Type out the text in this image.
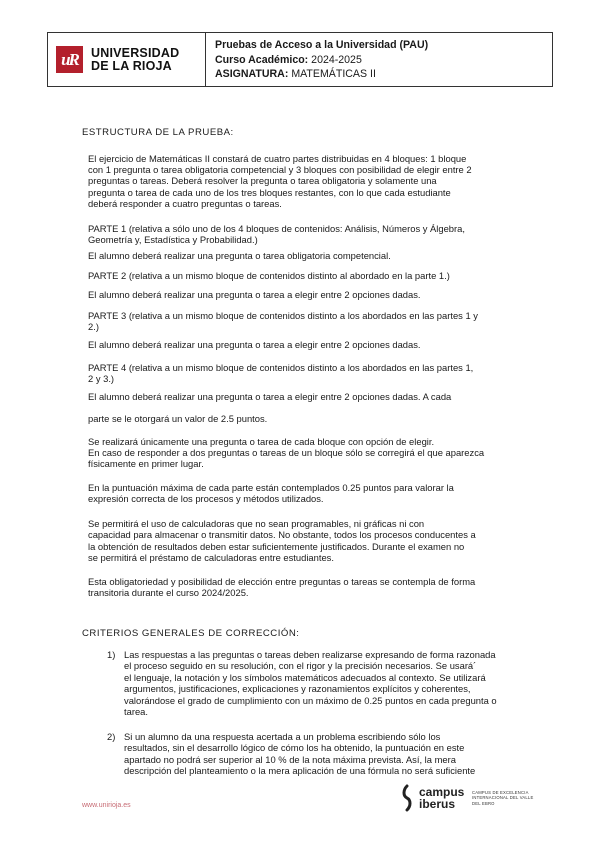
uR	UNIVERSIDAD
DE LA RIOJA
Pruebas de Acceso a la Universidad (PAU)
Curso Académico: 2024-2025
ASIGNATURA: MATEMÁTICAS II
ESTRUCTURA DE LA PRUEBA:
El ejercicio de Matemáticas II constará de cuatro partes distribuidas en 4 bloques: 1 bloque
con 1 pregunta o tarea obligatoria competencial y 3 bloques con posibilidad de elegir entre 2
preguntas o tareas. Deberá resolver la pregunta o tarea obligatoria y solamente una
pregunta o tarea de cada uno de los tres bloques restantes, con lo que cada estudiante
deberá responder a cuatro preguntas o tareas.
PARTE 1 (relativa a sólo uno de los 4 bloques de contenidos: Análisis, Números y Álgebra,
Geometría y, Estadística y Probabilidad.)
El alumno deberá realizar una pregunta o tarea obligatoria competencial.
PARTE 2 (relativa a un mismo bloque de contenidos distinto al abordado en la parte 1.)
El alumno deberá realizar una pregunta o tarea a elegir entre 2 opciones dadas.
PARTE 3 (relativa a un mismo bloque de contenidos distinto a los abordados en las partes 1 y
2.)
El alumno deberá realizar una pregunta o tarea a elegir entre 2 opciones dadas.
PARTE 4 (relativa a un mismo bloque de contenidos distinto a los abordados en las partes 1,
2 y 3.)
El alumno deberá realizar una pregunta o tarea a elegir entre 2 opciones dadas. A cada
parte se le otorgará un valor de 2.5 puntos.
Se realizará únicamente una pregunta o tarea de cada bloque con opción de elegir.
En caso de responder a dos preguntas o tareas de un bloque sólo se corregirá el que aparezca
físicamente en primer lugar.
En la puntuación máxima de cada parte están contemplados 0.25 puntos para valorar la
expresión correcta de los procesos y métodos utilizados.
Se permitirá el uso de calculadoras que no sean programables, ni gráficas ni con
capacidad para almacenar o transmitir datos. No obstante, todos los procesos conducentes a
la obtención de resultados deben estar suficientemente justificados. Durante el examen no
se permitirá el préstamo de calculadoras entre estudiantes.
Esta obligatoriedad y posibilidad de elección entre preguntas o tareas se contempla de forma
transitoria durante el curso 2024/2025.
CRITERIOS GENERALES DE CORRECCIÓN:
1) Las respuestas a las preguntas o tareas deben realizarse expresando de forma razonada
el proceso seguido en su resolución, con el rigor y la precisión necesarios. Se usará´
el lenguaje, la notación y los símbolos matemáticos adecuados al contexto. Se utilizará
argumentos, justificaciones, explicaciones y razonamientos explícitos y coherentes,
valorándose el grado de cumplimiento con un máximo de 0.25 puntos en cada pregunta o
tarea.
2) Si un alumno da una respuesta acertada a un problema escribiendo sólo los
resultados, sin el desarrollo lógico de cómo los ha obtenido, la puntuación en este
apartado no podrá ser superior al 10 % de la nota máxima prevista. Así, la mera
descripción del planteamiento o la mera aplicación de una fórmula no será suficiente
www.unirioja.es
campus
iberus
CAMPUS DE EXCELENCIA INTERNACIONAL DEL VALLE DEL EBRO
